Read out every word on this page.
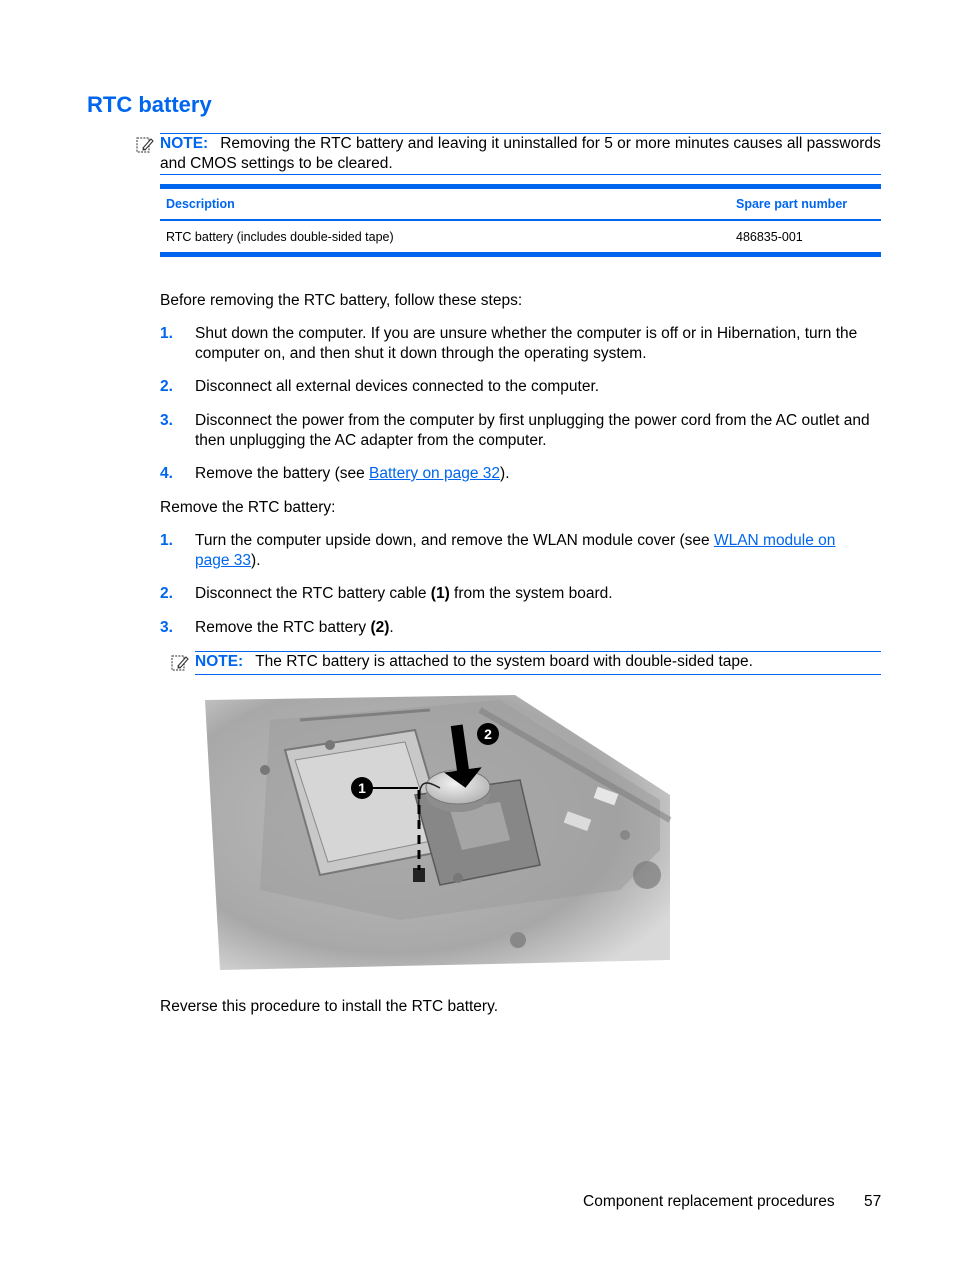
RTC battery
NOTE: Removing the RTC battery and leaving it uninstalled for 5 or more minutes causes all passwords and CMOS settings to be cleared.
Description	Spare part number
RTC battery (includes double-sided tape)	486835-001
Before removing the RTC battery, follow these steps:
1. Shut down the computer. If you are unsure whether the computer is off or in Hibernation, turn the computer on, and then shut it down through the operating system.
2. Disconnect all external devices connected to the computer.
3. Disconnect the power from the computer by first unplugging the power cord from the AC outlet and then unplugging the AC adapter from the computer.
4. Remove the battery (see Battery on page 32).
Remove the RTC battery:
1. Turn the computer upside down, and remove the WLAN module cover (see WLAN module on page 33).
2. Disconnect the RTC battery cable (1) from the system board.
3. Remove the RTC battery (2).
NOTE: The RTC battery is attached to the system board with double-sided tape.
1
2
Reverse this procedure to install the RTC battery.
Component replacement procedures 57
